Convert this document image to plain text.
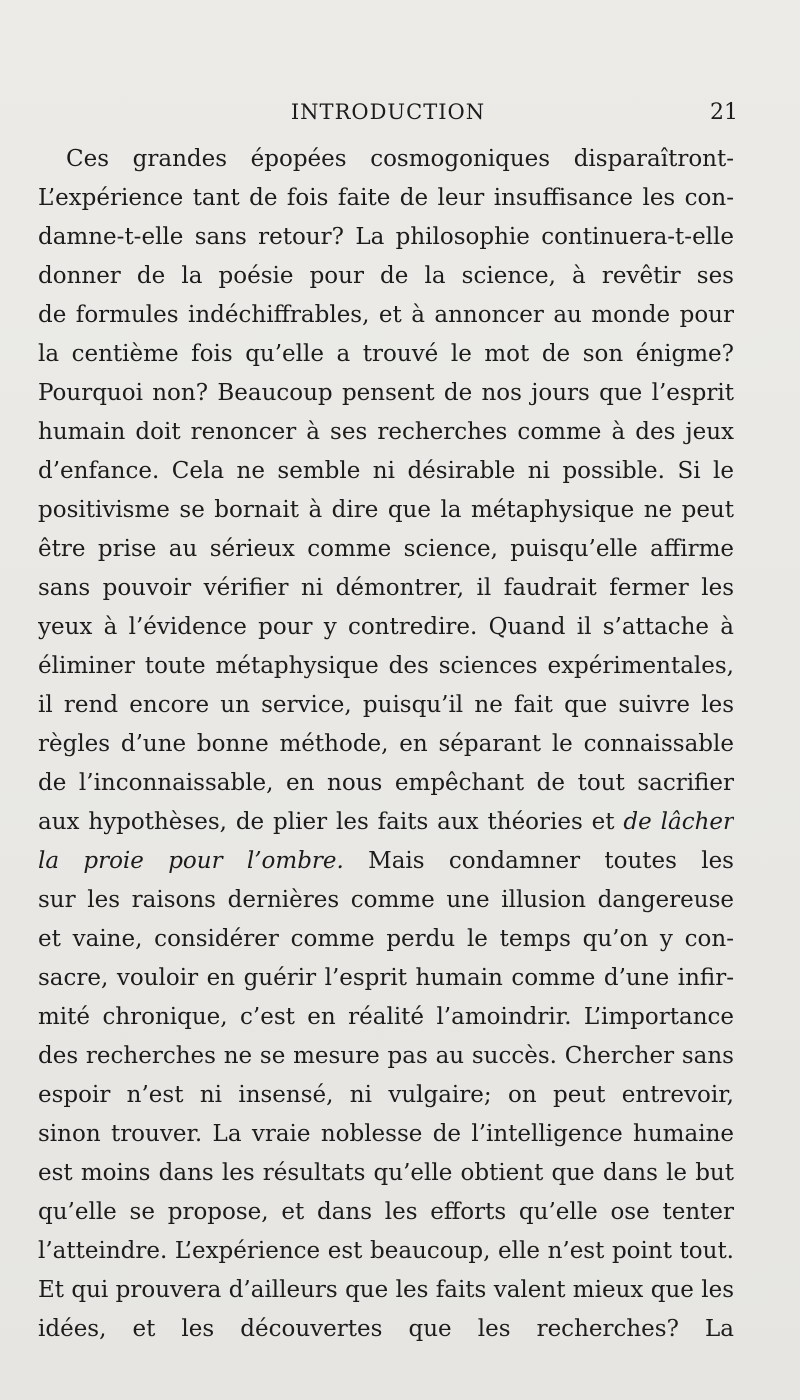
INTRODUCTION	21
Ces grandes épopées cosmogoniques disparaîtront-
L’expérience tant de fois faite de leur insuffisance les con-
damne-t-elle sans retour? La philosophie continuera-t-elle
donner de la poésie pour de la science, à revêtir ses
de formules indéchiffrables, et à annoncer au monde pour
la centième fois qu’elle a trouvé le mot de son énigme?
Pourquoi non? Beaucoup pensent de nos jours que l’esprit
humain doit renoncer à ses recherches comme à des jeux
d’enfance. Cela ne semble ni désirable ni possible. Si le
positivisme se bornait à dire que la métaphysique ne peut
être prise au sérieux comme science, puisqu’elle affirme
sans pouvoir vérifier ni démontrer, il faudrait fermer les
yeux à l’évidence pour y contredire. Quand il s’attache à
éliminer toute métaphysique des sciences expérimentales,
il rend encore un service, puisqu’il ne fait que suivre les
règles d’une bonne méthode, en séparant le connaissable
de l’inconnaissable, en nous empêchant de tout sacrifier
aux hypothèses, de plier les faits aux théories et de lâcher
la proie pour l’ombre. Mais condamner toutes les
sur les raisons dernières comme une illusion dangereuse
et vaine, considérer comme perdu le temps qu’on y con-
sacre, vouloir en guérir l’esprit humain comme d’une infir-
mité chronique, c’est en réalité l’amoindrir. L’importance
des recherches ne se mesure pas au succès. Chercher sans
espoir n’est ni insensé, ni vulgaire; on peut entrevoir,
sinon trouver. La vraie noblesse de l’intelligence humaine
est moins dans les résultats qu’elle obtient que dans le but
qu’elle se propose, et dans les efforts qu’elle ose tenter
l’atteindre. L’expérience est beaucoup, elle n’est point tout.
Et qui prouvera d’ailleurs que les faits valent mieux que les
idées, et les découvertes que les recherches? La
